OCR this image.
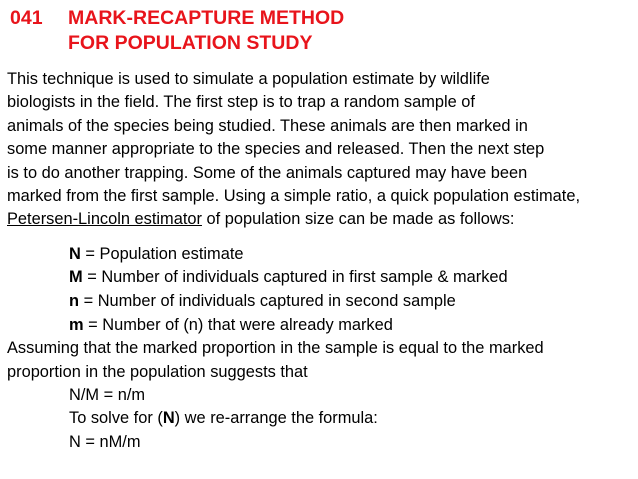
041 MARK-RECAPTURE METHOD
FOR POPULATION STUDY
This technique is used to simulate a population estimate by wildlife
biologists in the field. The first step is to trap a random sample of
animals of the species being studied. These animals are then marked in
some manner appropriate to the species and released. Then the next step
is to do another trapping. Some of the animals captured may have been
marked from the first sample. Using a simple ratio, a quick population estimate,
Petersen-Lincoln estimator of population size can be made as follows:
N = Population estimate
M = Number of individuals captured in first sample & marked
n = Number of individuals captured in second sample
m = Number of (n) that were already marked
Assuming that the marked proportion in the sample is equal to the marked
proportion in the population suggests that
N/M = n/m
To solve for (N) we re-arrange the formula:
N = nM/m
